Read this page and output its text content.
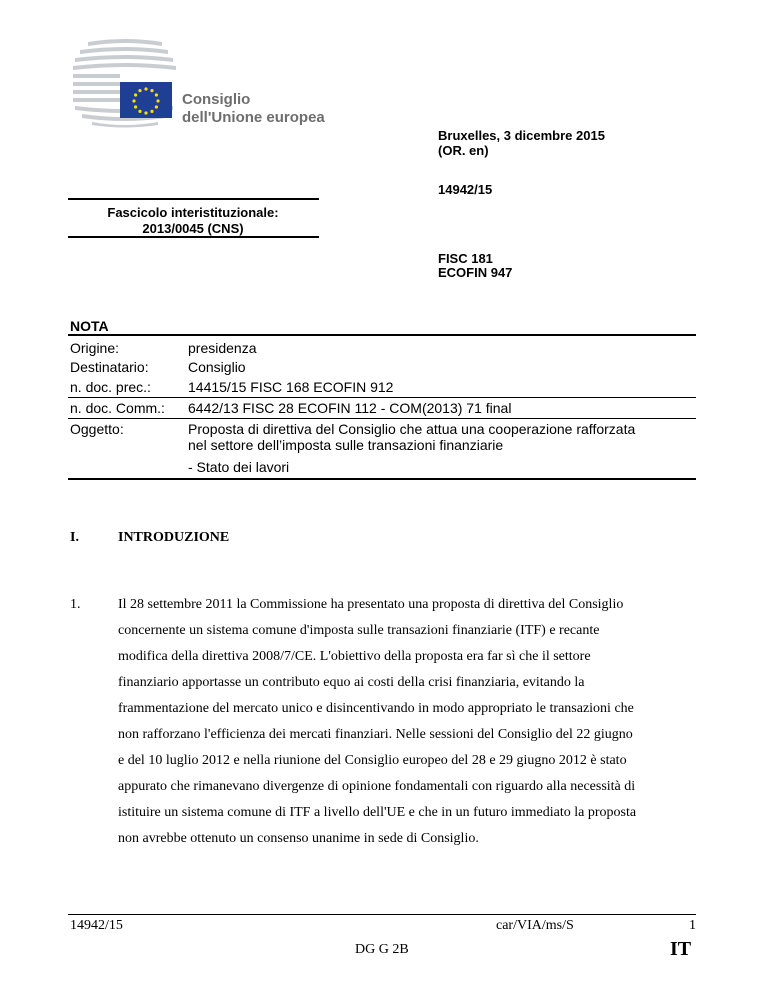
Consiglio
dell'Unione europea
Bruxelles, 3 dicembre 2015
(OR. en)
14942/15
Fascicolo interistituzionale:
2013/0045 (CNS)
FISC 181
ECOFIN 947
NOTA
Origine:	presidenza
Destinatario:	Consiglio
n. doc. prec.:	14415/15 FISC 168 ECOFIN 912
n. doc. Comm.: 6442/13 FISC 28 ECOFIN 112 - COM(2013) 71 final
Oggetto:	Proposta di direttiva del Consiglio che attua una cooperazione rafforzata
nel settore dell’imposta sulle transazioni finanziarie
- Stato dei lavori
I.	INTRODUZIONE
1.	Il 28 settembre 2011 la Commissione ha presentato una proposta di direttiva del Consiglio
concernente un sistema comune d'imposta sulle transazioni finanziarie (ITF) e recante
modifica della direttiva 2008/7/CE. L'obiettivo della proposta era far sì che il settore
finanziario apportasse un contributo equo ai costi della crisi finanziaria, evitando la
frammentazione del mercato unico e disincentivando in modo appropriato le transazioni che
non rafforzano l'efficienza dei mercati finanziari. Nelle sessioni del Consiglio del 22 giugno
e del 10 luglio 2012 e nella riunione del Consiglio europeo del 28 e 29 giugno 2012 è stato
appurato che rimanevano divergenze di opinione fondamentali con riguardo alla necessità di
istituire un sistema comune di ITF a livello dell'UE e che in un futuro immediato la proposta
non avrebbe ottenuto un consenso unanime in sede di Consiglio.
14942/15	car/VIA/ms/S	1
DG G 2B	IT
